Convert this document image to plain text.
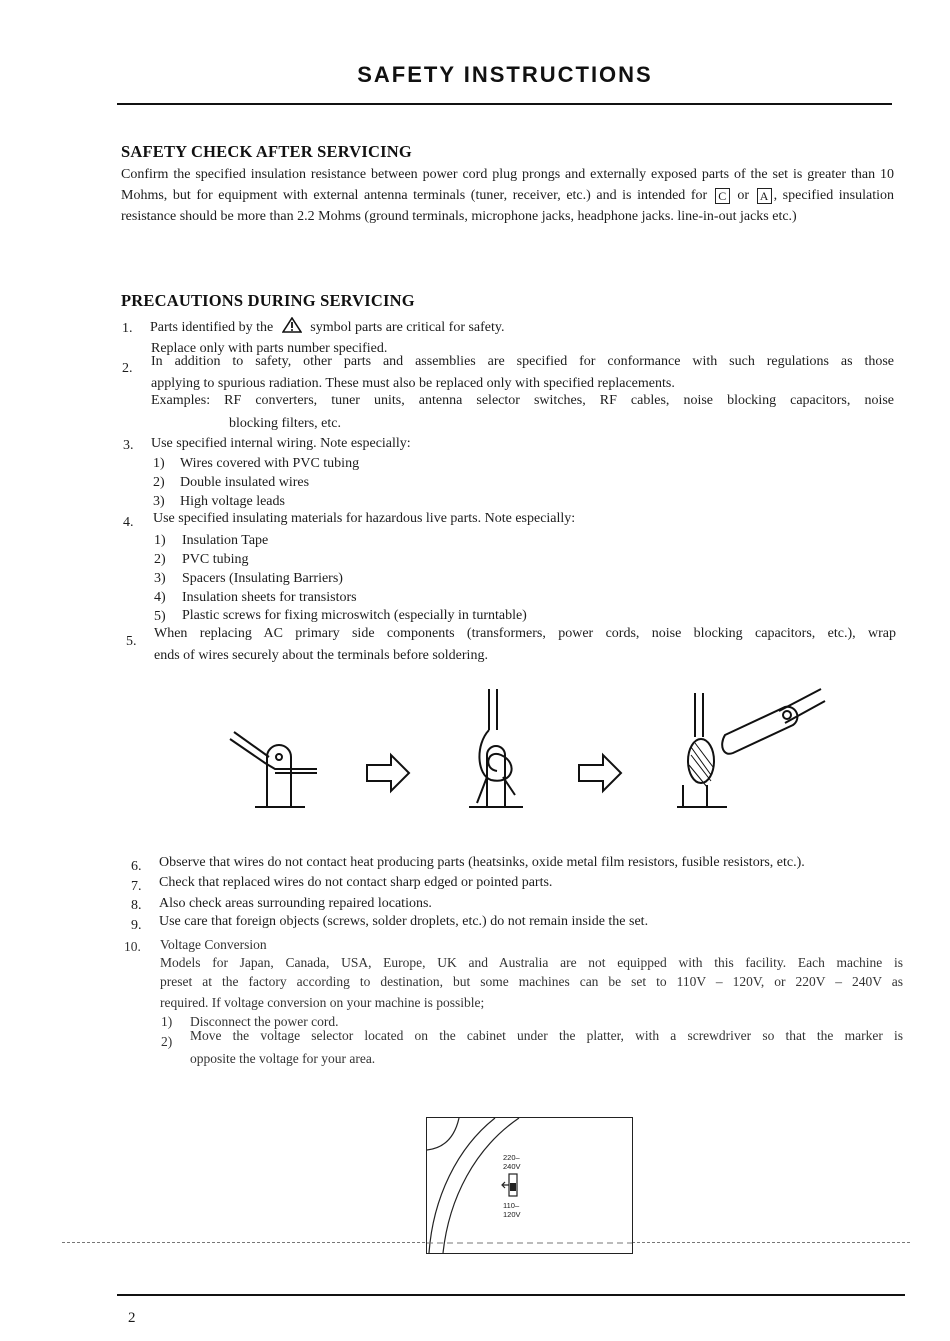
SAFETY INSTRUCTIONS
SAFETY CHECK AFTER SERVICING
Confirm the specified insulation resistance between power cord plug prongs and externally exposed parts of the set is greater than 10 Mohms, but for equipment with external antenna terminals (tuner, receiver, etc.) and is intended for C or A , specified insulation resistance should be more than 2.2 Mohms (ground terminals, microphone jacks, headphone jacks. line-in-out jacks etc.)
PRECAUTIONS DURING SERVICING
1. Parts identified by the	symbol parts are critical for safety.
Replace only with parts number specified.
2. In addition to safety, other parts and assemblies are specified for conformance with such regulations as those
applying to spurious radiation. These must also be replaced only with specified replacements.
Examples: RF converters, tuner units, antenna selector switches, RF cables, noise blocking capacitors, noise
blocking filters, etc.
3. Use specified internal wiring. Note especially:
1) Wires covered with PVC tubing
2) Double insulated wires
3) High voltage leads
4. Use specified insulating materials for hazardous live parts. Note especially:
1) Insulation Tape
2) PVC tubing
3) Spacers (Insulating Barriers)
4) Insulation sheets for transistors
5) Plastic screws for fixing microswitch (especially in turntable)
5.
When replacing AC primary side components (transformers, power cords, noise blocking capacitors, etc.), wrap
ends of wires securely about the terminals before soldering.
6. Observe that wires do not contact heat producing parts (heatsinks, oxide metal film resistors, fusible resistors, etc.).
7. Check that replaced wires do not contact sharp edged or pointed parts.
8. Also check areas surrounding repaired locations.
9. Use care that foreign objects (screws, solder droplets, etc.) do not remain inside the set.
10. Voltage Conversion
Models for Japan, Canada, USA, Europe, UK and Australia are not equipped with this facility. Each machine is
preset at the factory according to destination, but some machines can be set to 110V – 120V, or 220V – 240V as
required. If voltage conversion on your machine is possible;
1) Disconnect the power cord.
2) Move the voltage selector located on the cabinet under the platter, with a screwdriver so that the marker is
opposite the voltage for your area.
220–
240V
110–
120V
2
